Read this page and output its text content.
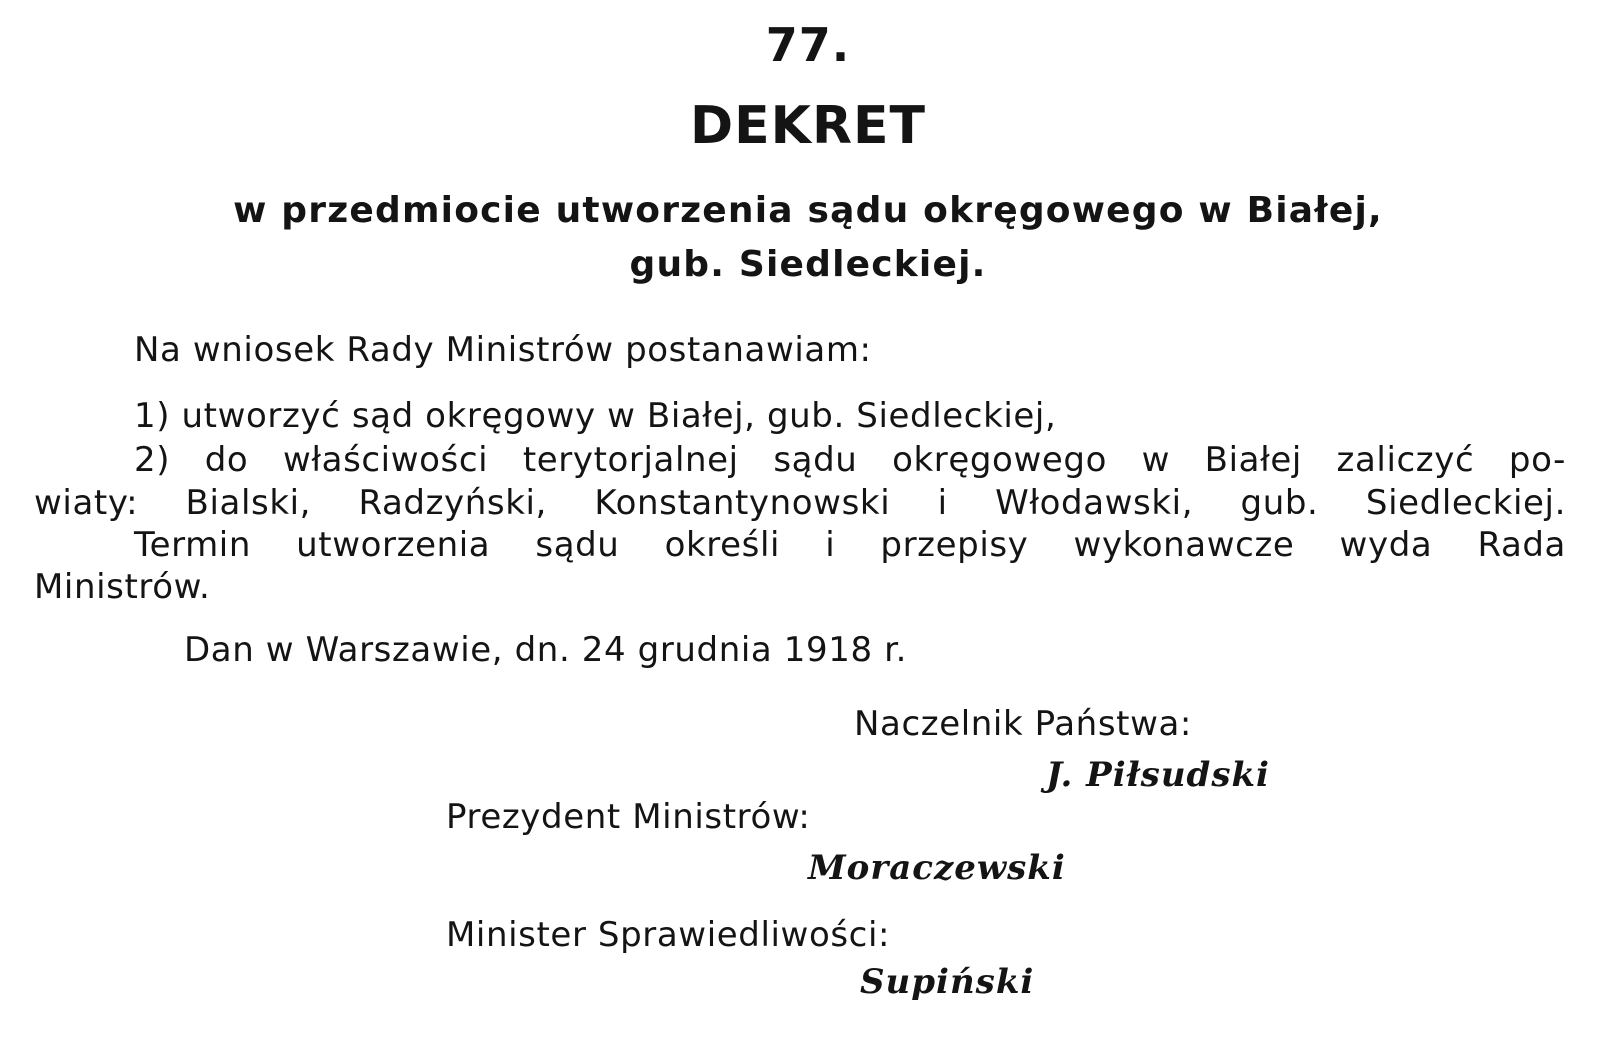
77.
DEKRET
w przedmiocie utworzenia sądu okręgowego w Białej,
gub. Siedleckiej.
Na wniosek Rady Ministrów postanawiam:
1) utworzyć sąd okręgowy w Białej, gub. Siedleckiej,
2) do właściwości terytorjalnej sądu okręgowego w Białej zaliczyć po-
wiaty: Bialski, Radzyński, Konstantynowski i Włodawski, gub. Siedleckiej.
Termin utworzenia sądu określi i przepisy wykonawcze wyda Rada
Ministrów.
Dan w Warszawie, dn. 24 grudnia 1918 r.
Naczelnik Państwa:
J. Piłsudski
Prezydent Ministrów:
Moraczewski
Minister Sprawiedliwości:
Supiński
